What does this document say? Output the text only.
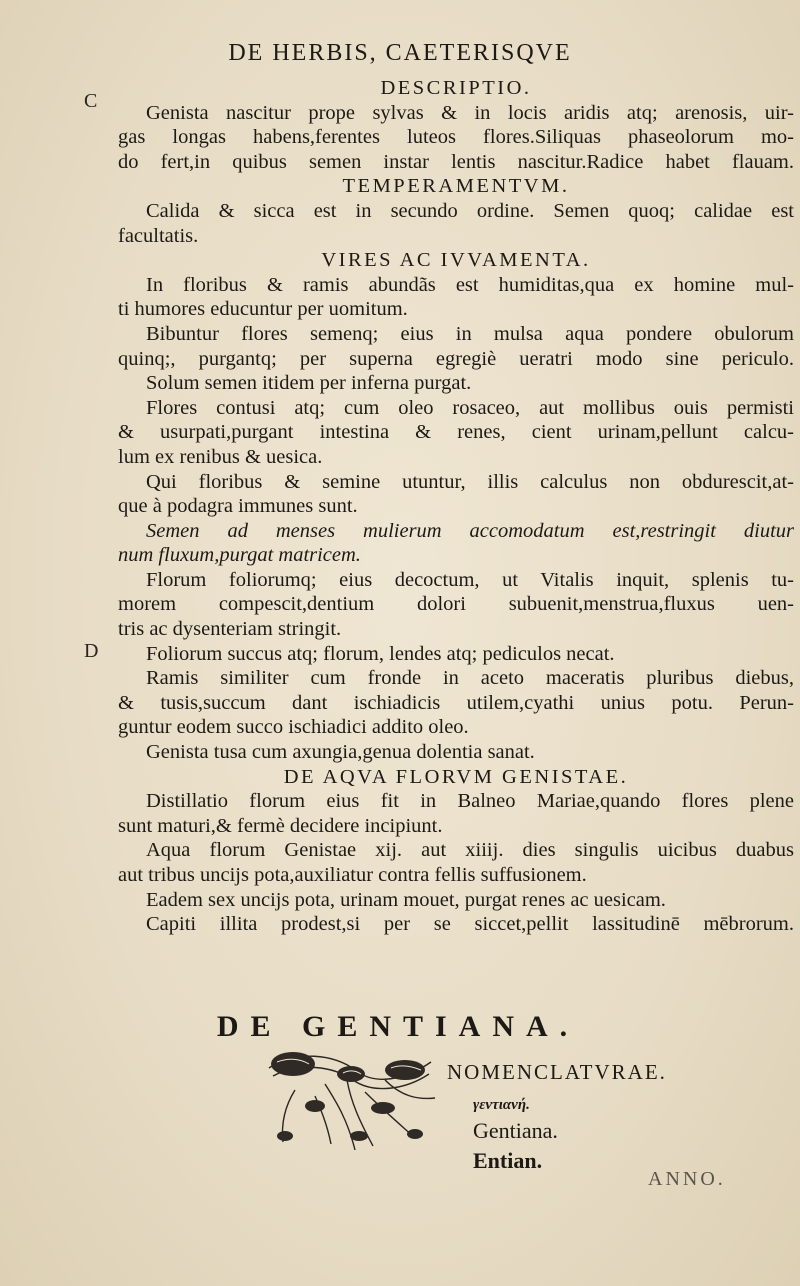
DE HERBIS, CAETERISQVE
C
D
DESCRIPTIO.
Genista nascitur prope sylvas & in locis aridis atq; arenosis, uir-
gas longas habens,ferentes luteos flores.Siliquas phaseolorum mo-
do fert,in quibus semen instar lentis nascitur.Radice habet flauam.
TEMPERAMENTVM.
Calida & sicca est in secundo ordine. Semen quoq; calidae est
facultatis.
VIRES AC IVVAMENTA.
In floribus & ramis abundãs est humiditas,qua ex homine mul-
ti humores educuntur per uomitum.
Bibuntur flores semenq; eius in mulsa aqua pondere obulorum
quinq;, purgantq; per superna egregiè ueratri modo sine periculo.
Solum semen itidem per inferna purgat.
Flores contusi atq; cum oleo rosaceo, aut mollibus ouis permisti
& usurpati,purgant intestina & renes, cient urinam,pellunt calcu-
lum ex renibus & uesica.
Qui floribus & semine utuntur, illis calculus non obdurescit,at-
que à podagra immunes sunt.
Semen ad menses mulierum accomodatum est,restringit diutur
num fluxum,purgat matricem.
Florum foliorumq; eius decoctum, ut Vitalis inquit, splenis tu-
morem compescit,dentium dolori subuenit,menstrua,fluxus uen-
tris ac dysenteriam stringit.
Foliorum succus atq; florum, lendes atq; pediculos necat.
Ramis similiter cum fronde in aceto maceratis pluribus diebus,
& tusis,succum dant ischiadicis utilem,cyathi unius potu. Perun-
guntur eodem succo ischiadici addito oleo.
Genista tusa cum axungia,genua dolentia sanat.
DE AQVA FLORVM GENISTAE.
Distillatio florum eius fit in Balneo Mariae,quando flores plene
sunt maturi,& fermè decidere incipiunt.
Aqua florum Genistae xij. aut xiiij. dies singulis uicibus duabus
aut tribus uncijs pota,auxiliatur contra fellis suffusionem.
Eadem sex uncijs pota, urinam mouet, purgat renes ac uesicam.
Capiti illita prodest,si per se siccet,pellit lassitudinē mēbrorum.
DE GENTIANA.
NOMENCLATVRAE.
γεντιανή.
Gentiana.
Entian.
ANNO.
